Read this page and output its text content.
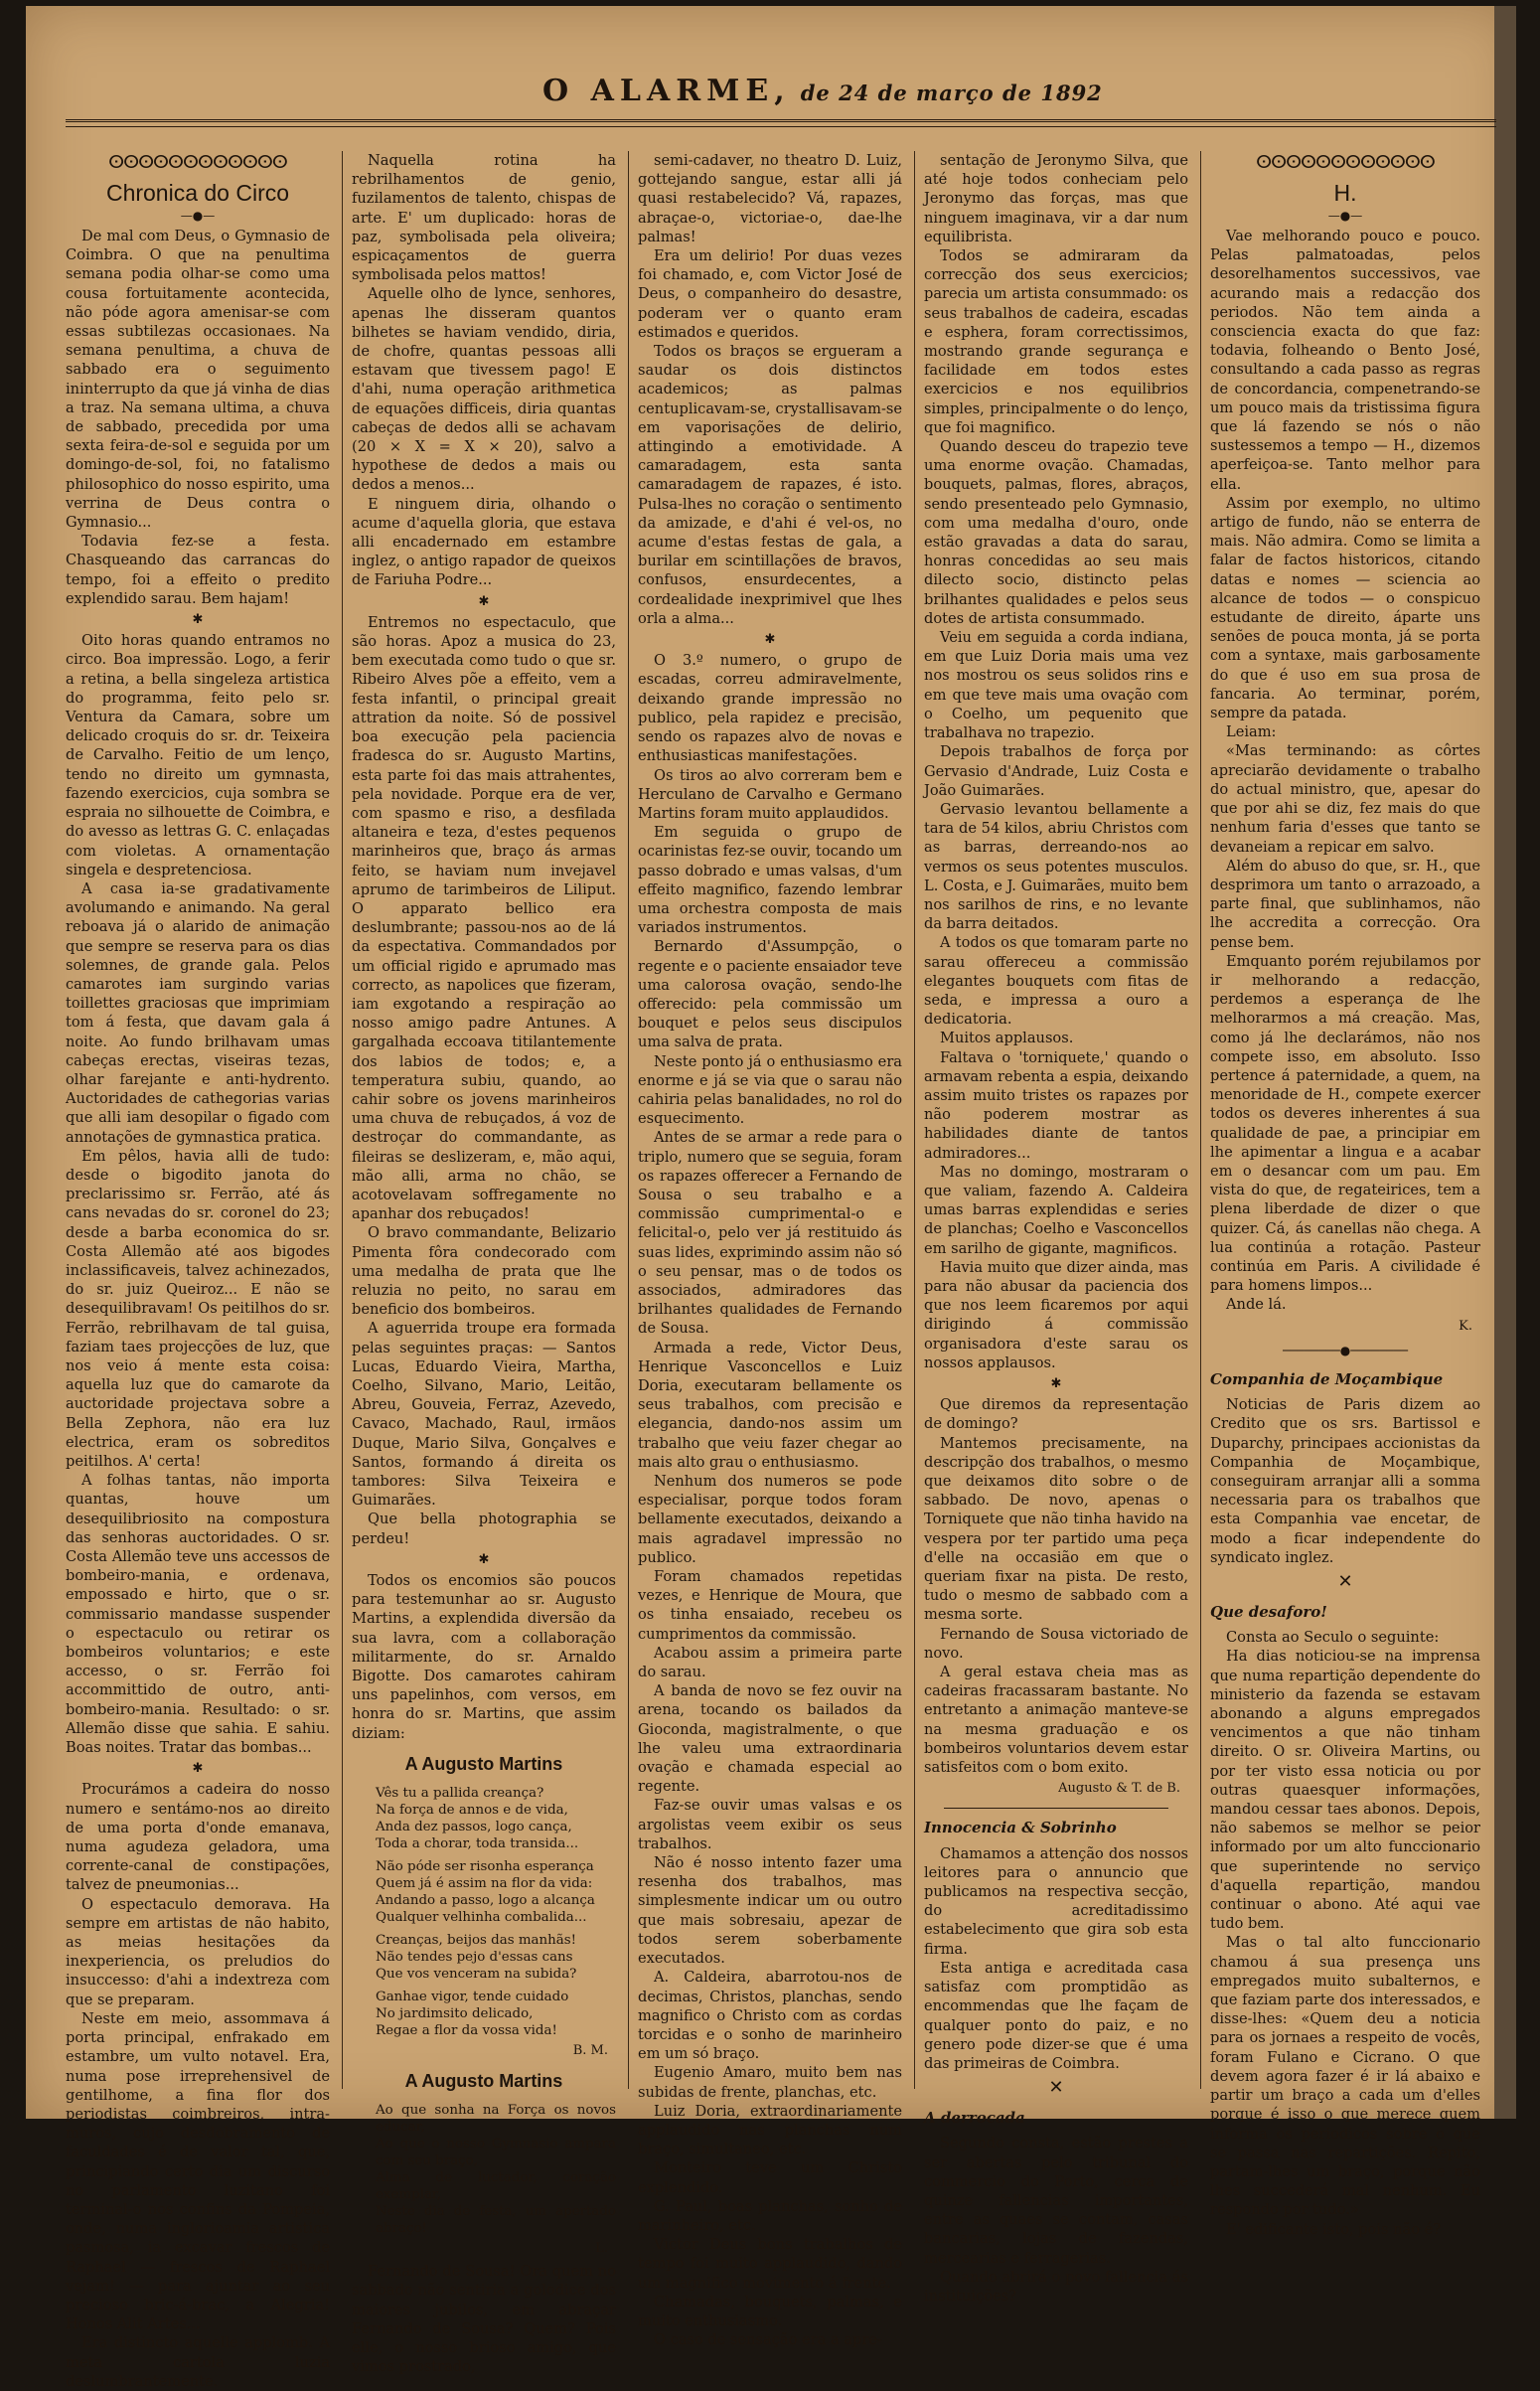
O ALARME, de 24 de março de 1892
ⵙⵙⵙⵙⵙⵙⵙⵙⵙⵙⵙⵙ
Chronica do Circo
—●—

De mal com Deus, o Gymnasio de Coimbra. O que na penultima semana podia olhar-se como uma cousa fortuitamente acontecida, não póde agora amenisar-se com essas subtilezas occasionaes. Na semana penultima, a chuva de sabbado era o seguimento ininterrupto da que já vinha de dias a traz. Na semana ultima, a chuva de sabbado, precedida por uma sexta feira-de-sol e seguida por um domingo-de-sol, foi, no fatalismo philosophico do nosso espirito, uma verrina de Deus contra o Gymnasio...

Todavia fez-se a festa. Chasqueando das carrancas do tempo, foi a effeito o predito explendido sarau. Bem hajam!

✱

Oito horas quando entramos no circo. Boa impressão. Logo, a ferir a retina, a bella singeleza artistica do programma, feito pelo sr. Ventura da Camara, sobre um delicado croquis do sr. dr. Teixeira de Carvalho. Feitio de um lenço, tendo no direito um gymnasta, fazendo exercicios, cuja sombra se espraia no silhouette de Coimbra, e do avesso as lettras G. C. enlaçadas com violetas. A ornamentação singela e despretenciosa.

A casa ia-se gradativamente avolumando e animando. Na geral reboava já o alarido de animação que sempre se reserva para os dias solemnes, de grande gala. Pelos camarotes iam surgindo varias toillettes graciosas que imprimiam tom á festa, que davam gala á noite. Ao fundo brilhavam umas cabeças erectas, viseiras tezas, olhar farejante e anti-hydrento. Auctoridades de cathegorias varias que alli iam desopilar o figado com annotações de gymnastica pratica.

Em pêlos, havia alli de tudo: desde o bigodito janota do preclarissimo sr. Ferrão, até ás cans nevadas do sr. coronel do 23; desde a barba economica do sr. Costa Allemão até aos bigodes inclassificaveis, talvez achinezados, do sr. juiz Queiroz... E não se desequilibravam! Os peitilhos do sr. Ferrão, rebrilhavam de tal guisa, faziam taes projecções de luz, que nos veio á mente esta coisa: aquella luz que do camarote da auctoridade projectava sobre a Bella Zephora, não era luz electrica, eram os sobreditos peitilhos. A' certa!

A folhas tantas, não importa quantas, houve um desequilibriosito na compostura das senhoras auctoridades. O sr. Costa Allemão teve uns accessos de bombeiro-mania, e ordenava, empossado e hirto, que o sr. commissario mandasse suspender o espectaculo ou retirar os bombeiros voluntarios; e este accesso, o sr. Ferrão foi accommittido de outro, anti-bombeiro-mania. Resultado: o sr. Allemão disse que sahia. E sahiu. Boas noites. Tratar das bombas...

✱

Procurámos a cadeira do nosso numero e sentámo-nos ao direito de uma porta d'onde emanava, numa agudeza geladora, uma corrente-canal de constipações, talvez de pneumonias...

O espectaculo demorava. Ha sempre em artistas de não habito, as meias hesitações da inexperiencia, os preludios do insuccesso: d'ahi a indextreza com que se preparam.

Neste em meio, assommava á porta principal, enfrakado em estambre, um vulto notavel. Era, numa pose irreprehensivel de gentilhome, a fina flor dos periodistas coimbreiros, intra-muros, cujo desdobramento de faculdades é de valor tal, que, principiando certo dia um discurso no parlamento luzitano foi terminal-o nos confins da Pompeia, onde, numa inglorioamia artistica pasmosa, ia excavar frescos de Raphael — frescos de Raphael vejam! — para ajuntar ao seu precioso bric-á-brac, a Alegria! Honos Alit Artes...

Era distincto aquelle applomb. A meta cartola luzia deslumbrantemente.

Naquella rotina ha rebrilhamentos de genio, fuzilamentos de talento, chispas de arte. E' um duplicado: horas de paz, symbolisada pela oliveira; espicaçamentos de guerra symbolisada pelos mattos!

Aquelle olho de lynce, senhores, apenas lhe disseram quantos bilhetes se haviam vendido, diria, de chofre, quantas pessoas alli estavam que tivessem pago! E d'ahi, numa operação arithmetica de equações difficeis, diria quantas cabeças de dedos alli se achavam (20 × X = X × 20), salvo a hypothese de dedos a mais ou dedos a menos...

E ninguem diria, olhando o acume d'aquella gloria, que estava alli encadernado em estambre inglez, o antigo rapador de queixos de Fariuha Podre...

✱

Entremos no espectaculo, que são horas. Apoz a musica do 23, bem executada como tudo o que sr. Ribeiro Alves põe a effeito, vem a festa infantil, o principal greait attration da noite. Só de possivel boa execução pela paciencia fradesca do sr. Augusto Martins, esta parte foi das mais attrahentes, pela novidade. Porque era de ver, com spasmo e riso, a desfilada altaneira e teza, d'estes pequenos marinheiros que, braço ás armas feito, se haviam num invejavel aprumo de tarimbeiros de Liliput. O apparato bellico era deslumbrante; passou-nos ao de lá da espectativa. Commandados por um official rigido e aprumado mas correcto, as napolices que fizeram, iam exgotando a respiração ao nosso amigo padre Antunes. A gargalhada eccoava titilantemente dos labios de todos; e, a temperatura subiu, quando, ao cahir sobre os jovens marinheiros uma chuva de rebuçados, á voz de destroçar do commandante, as fileiras se deslizeram, e, mão aqui, mão alli, arma no chão, se acotovelavam soffregamente no apanhar dos rebuçados!

O bravo commandante, Belizario Pimenta fôra condecorado com uma medalha de prata que lhe reluzia no peito, no sarau em beneficio dos bombeiros.

A aguerrida troupe era formada pelas seguintes praças: — Santos Lucas, Eduardo Vieira, Martha, Coelho, Silvano, Mario, Leitão, Abreu, Gouveia, Ferraz, Azevedo, Cavaco, Machado, Raul, irmãos Duque, Mario Silva, Gonçalves e Santos, formando á direita os tambores: Silva Teixeira e Guimarães.

Que bella photographia se perdeu!

✱

Todos os encomios são poucos para testemunhar ao sr. Augusto Martins, a explendida diversão da sua lavra, com a collaboração militarmente, do sr. Arnaldo Bigotte. Dos camarotes cahiram uns papelinhos, com versos, em honra do sr. Martins, que assim diziam:

A Augusto Martins
Vês tu a pallida creança?
Na força de annos e de vida,
Anda dez passos, logo cança,
Toda a chorar, toda transida...
Não póde ser risonha esperança
Quem já é assim na flor da vida:
Andando a passo, logo a alcança
Qualquer velhinha combalida...
Creanças, beijos das manhãs!
Não tendes pejo d'essas cans
Que vos venceram na subida?
Ganhae vigor, tende cuidado
No jardimsito delicado,
Regae a flor da vossa vida!
B. M.
A Augusto Martins
Ao que sonha na Força os novos educar,
Ao que o nosso Gymnasio ampara com seu braço,
Alma de luctador, coração exemplar,
Neste dia de festa, um apertado abraço!
L.

Fernando de Sousa! Ora quem no sabbado não sentiria a golodice dos maiores jubilos, em abraçar Fernando de Sousa? Quem? Pois elle, o nosso brioso amigo, que vimos prostrado,

semi-cadaver, no theatro D. Luiz, gottejando sangue, estar alli já quasi restabelecido? Vá, rapazes, abraçae-o, victoriae-o, dae-lhe palmas!

Era um delirio! Por duas vezes foi chamado, e, com Victor José de Deus, o companheiro do desastre, poderam ver o quanto eram estimados e queridos.

Todos os braços se ergueram a saudar os dois distinctos academicos; as palmas centuplicavam-se, crystallisavam-se em vaporisações de delirio, attingindo a emotividade. A camaradagem, esta santa camaradagem de rapazes, é isto. Pulsa-lhes no coração o sentimento da amizade, e d'ahi é vel-os, no acume d'estas festas de gala, a burilar em scintillações de bravos, confusos, ensurdecentes, a cordealidade inexprimivel que lhes orla a alma...

✱

O 3.º numero, o grupo de escadas, correu admiravelmente, deixando grande impressão no publico, pela rapidez e precisão, sendo os rapazes alvo de novas e enthusiasticas manifestações.

Os tiros ao alvo correram bem e Herculano de Carvalho e Germano Martins foram muito applaudidos.

Em seguida o grupo de ocarinistas fez-se ouvir, tocando um passo dobrado e umas valsas, d'um effeito magnifico, fazendo lembrar uma orchestra composta de mais variados instrumentos.

Bernardo d'Assumpção, o regente e o paciente ensaiador teve uma calorosa ovação, sendo-lhe offerecido: pela commissão um bouquet e pelos seus discipulos uma salva de prata.

Neste ponto já o enthusiasmo era enorme e já se via que o sarau não cahiria pelas banalidades, no rol do esquecimento.

Antes de se armar a rede para o triplo, numero que se seguia, foram os rapazes offerecer a Fernando de Sousa o seu trabalho e a commissão cumprimental-o e felicital-o, pelo ver já restituido ás suas lides, exprimindo assim não só o seu pensar, mas o de todos os associados, admiradores das brilhantes qualidades de Fernando de Sousa.

Armada a rede, Victor Deus, Henrique Vasconcellos e Luiz Doria, executaram bellamente os seus trabalhos, com precisão e elegancia, dando-nos assim um trabalho que veiu fazer chegar ao mais alto grau o enthusiasmo.

Nenhum dos numeros se pode especialisar, porque todos foram bellamente executados, deixando a mais agradavel impressão no publico.

Foram chamados repetidas vezes, e Henrique de Moura, que os tinha ensaiado, recebeu os cumprimentos da commissão.

Acabou assim a primeira parte do sarau.

A banda de novo se fez ouvir na arena, tocando os bailados da Gioconda, magistralmente, o que lhe valeu uma extraordinaria ovação e chamada especial ao regente.

Faz-se ouvir umas valsas e os argolistas veem exibir os seus trabalhos.

Não é nosso intento fazer uma resenha dos trabalhos, mas simplesmente indicar um ou outro que mais sobresaiu, apezar de todos serem soberbamente executados.

A. Caldeira, abarrotou-nos de decimas, Christos, planchas, sendo magnifico o Christo com as cordas torcidas e o sonho de marinheiro em um só braço.

Eugenio Amaro, muito bem nas subidas de frente, planchas, etc.

Luiz Doria, extraordinariamente applaudido nas planchas num braço, simultaneo, etc.

Monteiro teve um Christo explendido.

G. Paul, boas planchas, sonho de marinheiro, etc.

Victor Deus bons trabalhos de tempo foi muito applaudido, dando um magnifico movimento á frente.

Chamadas, bouquets, palmas, e muito enthusiasmo.

O caso de sensação era a apre-

sentação de Jeronymo Silva, que até hoje todos conheciam pelo Jeronymo das forças, mas que ninguem imaginava, vir a dar num equilibrista.

Todos se admiraram da correcção dos seus exercicios; parecia um artista consummado: os seus trabalhos de cadeira, escadas e esphera, foram correctissimos, mostrando grande segurança e facilidade em todos estes exercicios e nos equilibrios simples, principalmente o do lenço, que foi magnifico.

Quando desceu do trapezio teve uma enorme ovação. Chamadas, bouquets, palmas, flores, abraços, sendo presenteado pelo Gymnasio, com uma medalha d'ouro, onde estão gravadas a data do sarau, honras concedidas ao seu mais dilecto socio, distincto pelas brilhantes qualidades e pelos seus dotes de artista consummado.

Veiu em seguida a corda indiana, em que Luiz Doria mais uma vez nos mostrou os seus solidos rins e em que teve mais uma ovação com o Coelho, um pequenito que trabalhava no trapezio.

Depois trabalhos de força por Gervasio d'Andrade, Luiz Costa e João Guimarães.

Gervasio levantou bellamente a tara de 54 kilos, abriu Christos com as barras, derreando-nos ao vermos os seus potentes musculos. L. Costa, e J. Guimarães, muito bem nos sarilhos de rins, e no levante da barra deitados.

A todos os que tomaram parte no sarau offereceu a commissão elegantes bouquets com fitas de seda, e impressa a ouro a dedicatoria.

Muitos applausos.

Faltava o 'torniquete,' quando o armavam rebenta a espia, deixando assim muito tristes os rapazes por não poderem mostrar as habilidades diante de tantos admiradores...

Mas no domingo, mostraram o que valiam, fazendo A. Caldeira umas barras explendidas e series de planchas; Coelho e Vasconcellos em sarilho de gigante, magnificos.

Havia muito que dizer ainda, mas para não abusar da paciencia dos que nos leem ficaremos por aqui dirigindo á commissão organisadora d'este sarau os nossos applausos.

✱

Que diremos da representação de domingo?

Mantemos precisamente, na descripção dos trabalhos, o mesmo que deixamos dito sobre o de sabbado. De novo, apenas o Torniquete que não tinha havido na vespera por ter partido uma peça d'elle na occasião em que o queriam fixar na pista. De resto, tudo o mesmo de sabbado com a mesma sorte.

Fernando de Sousa victoriado de novo.

A geral estava cheia mas as cadeiras fracassaram bastante. No entretanto a animação manteve-se na mesma graduação e os bombeiros voluntarios devem estar satisfeitos com o bom exito.

Augusto & T. de B.
Innocencia & Sobrinho

Chamamos a attenção dos nossos leitores para o annuncio que publicamos na respectiva secção, do acreditadissimo estabelecimento que gira sob esta firma.

Esta antiga e acreditada casa satisfaz com promptidão as encommendas que lhe façam de qualquer ponto do paiz, e no genero pode dizer-se que é uma das primeiras de Coimbra.

✕
A derrocada

Segundo consta, estão prestes a ser abertas pelo tribunal do commercio do Porto, cerca de quinze fallencias importantes, entre as quaes se contam, casas bancarias, lojas de fazendas, mercearias e ferragerias.

Quando abrirá o povo fallencia ás instituições?

ⵙⵙⵙⵙⵙⵙⵙⵙⵙⵙⵙⵙ
H.
—●—

Vae melhorando pouco e pouco. Pelas palmatoadas, pelos desorelhamentos successivos, vae acurando mais a redacção dos periodos. Não tem ainda a consciencia exacta do que faz: todavia, folheando o Bento José, consultando a cada passo as regras de concordancia, compenetrando-se um pouco mais da tristissima figura que lá fazendo se nós o não sustessemos a tempo — H., dizemos aperfeiçoa-se. Tanto melhor para ella.

Assim por exemplo, no ultimo artigo de fundo, não se enterra de mais. Não admira. Como se limita a falar de factos historicos, citando datas e nomes — sciencia ao alcance de todos — o conspicuo estudante de direito, áparte uns senões de pouca monta, já se porta com a syntaxe, mais garbosamente do que é uso em sua prosa de fancaria. Ao terminar, porém, sempre da patada.

Leiam:

«Mas terminando: as côrtes apreciarão devidamente o trabalho do actual ministro, que, apesar do que por ahi se diz, fez mais do que nenhum faria d'esses que tanto se devaneiam a repicar em salvo.

Além do abuso do que, sr. H., que desprimora um tanto o arrazoado, a parte final, que sublinhamos, não lhe accredita a correcção. Ora pense bem.

Emquanto porém rejubilamos por ir melhorando a redacção, perdemos a esperança de lhe melhorarmos a má creação. Mas, como já lhe declarámos, não nos compete isso, em absoluto. Isso pertence á paternidade, a quem, na menoridade de H., compete exercer todos os deveres inherentes á sua qualidade de pae, a principiar em lhe apimentar a lingua e a acabar em o desancar com um pau. Em vista do que, de regateirices, tem a plena liberdade de dizer o que quizer. Cá, ás canellas não chega. A lua continúa a rotação. Pasteur continúa em Paris. A civilidade é para homens limpos...

Ande lá.

K.
────────●────────
Companhia de Moçambique

Noticias de Paris dizem ao Credito que os srs. Bartissol e Duparchy, principaes accionistas da Companhia de Moçambique, conseguiram arranjar alli a somma necessaria para os trabalhos que esta Companhia vae encetar, de modo a ficar independente do syndicato inglez.

✕
Que desaforo!

Consta ao Seculo o seguinte:

Ha dias noticiou-se na imprensa que numa repartição dependente do ministerio da fazenda se estavam abonando a alguns empregados vencimentos a que não tinham direito. O sr. Oliveira Martins, ou por ter visto essa noticia ou por outras quaesquer informações, mandou cessar taes abonos. Depois, não sabemos se melhor se peior informado por um alto funccionario que superintende no serviço d'aquella repartição, mandou continuar o abono. Até aqui vae tudo bem.

Mas o tal alto funccionario chamou á sua presença uns empregados muito subalternos, e que faziam parte dos interessados, e disse-lhes: «Quem deu a noticia para os jornaes a respeito de vocês, foram Fulano e Cicrano. O que devem agora fazer é ir lá abaixo e partir um braço a cada um d'elles porque é isso o que merece quem informa os periodicos sobre o que se passa nas repartições. Repito, partam-lhes um braço, porque não lhes succederá mal nenhum. Eu respondo por tudo.»

E' edificante isto, pois não é?
